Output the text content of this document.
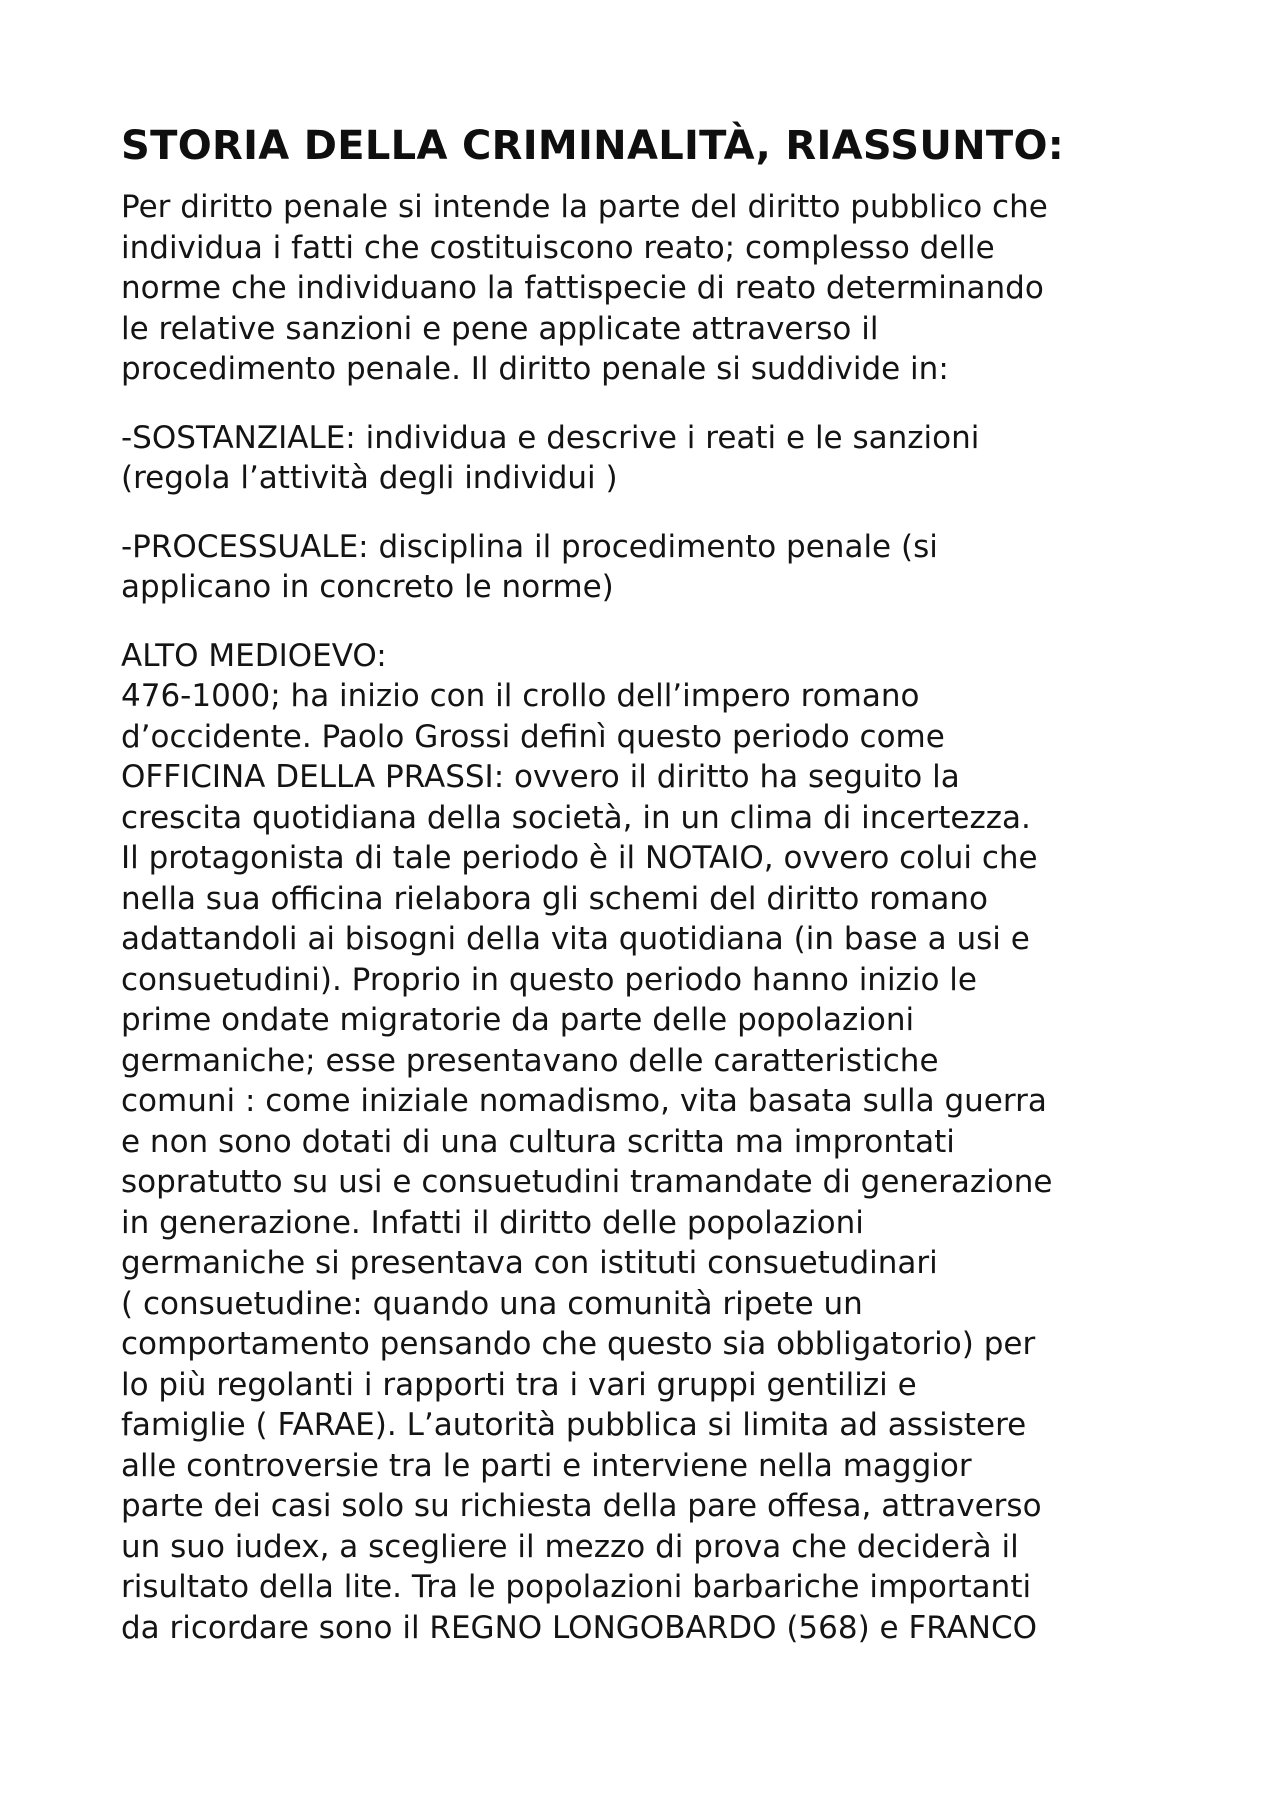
STORIA DELLA CRIMINALITÀ, RIASSUNTO:

Per diritto penale si intende la parte del diritto pubblico che
individua i fatti che costituiscono reato; complesso delle
norme che individuano la fattispecie di reato determinando
le relative sanzioni e pene applicate attraverso il
procedimento penale. Il diritto penale si suddivide in:

-SOSTANZIALE: individua e descrive i reati e le sanzioni
(regola l’attività degli individui )

-PROCESSUALE: disciplina il procedimento penale (si
applicano in concreto le norme)

ALTO MEDIOEVO:
476-1000; ha inizio con il crollo dell’impero romano
d’occidente. Paolo Grossi definì questo periodo come
OFFICINA DELLA PRASSI: ovvero il diritto ha seguito la
crescita quotidiana della società, in un clima di incertezza.
Il protagonista di tale periodo è il NOTAIO, ovvero colui che
nella sua officina rielabora gli schemi del diritto romano
adattandoli ai bisogni della vita quotidiana (in base a usi e
consuetudini). Proprio in questo periodo hanno inizio le
prime ondate migratorie da parte delle popolazioni
germaniche; esse presentavano delle caratteristiche
comuni : come iniziale nomadismo, vita basata sulla guerra
e non sono dotati di una cultura scritta ma improntati
sopratutto su usi e consuetudini tramandate di generazione
in generazione. Infatti il diritto delle popolazioni
germaniche si presentava con istituti consuetudinari
( consuetudine: quando una comunità ripete un
comportamento pensando che questo sia obbligatorio) per
lo più regolanti i rapporti tra i vari gruppi gentilizi e
famiglie ( FARAE). L’autorità pubblica si limita ad assistere
alle controversie tra le parti e interviene nella maggior
parte dei casi solo su richiesta della pare offesa, attraverso
un suo iudex, a scegliere il mezzo di prova che deciderà il
risultato della lite. Tra le popolazioni barbariche importanti
da ricordare sono il REGNO LONGOBARDO (568) e FRANCO
